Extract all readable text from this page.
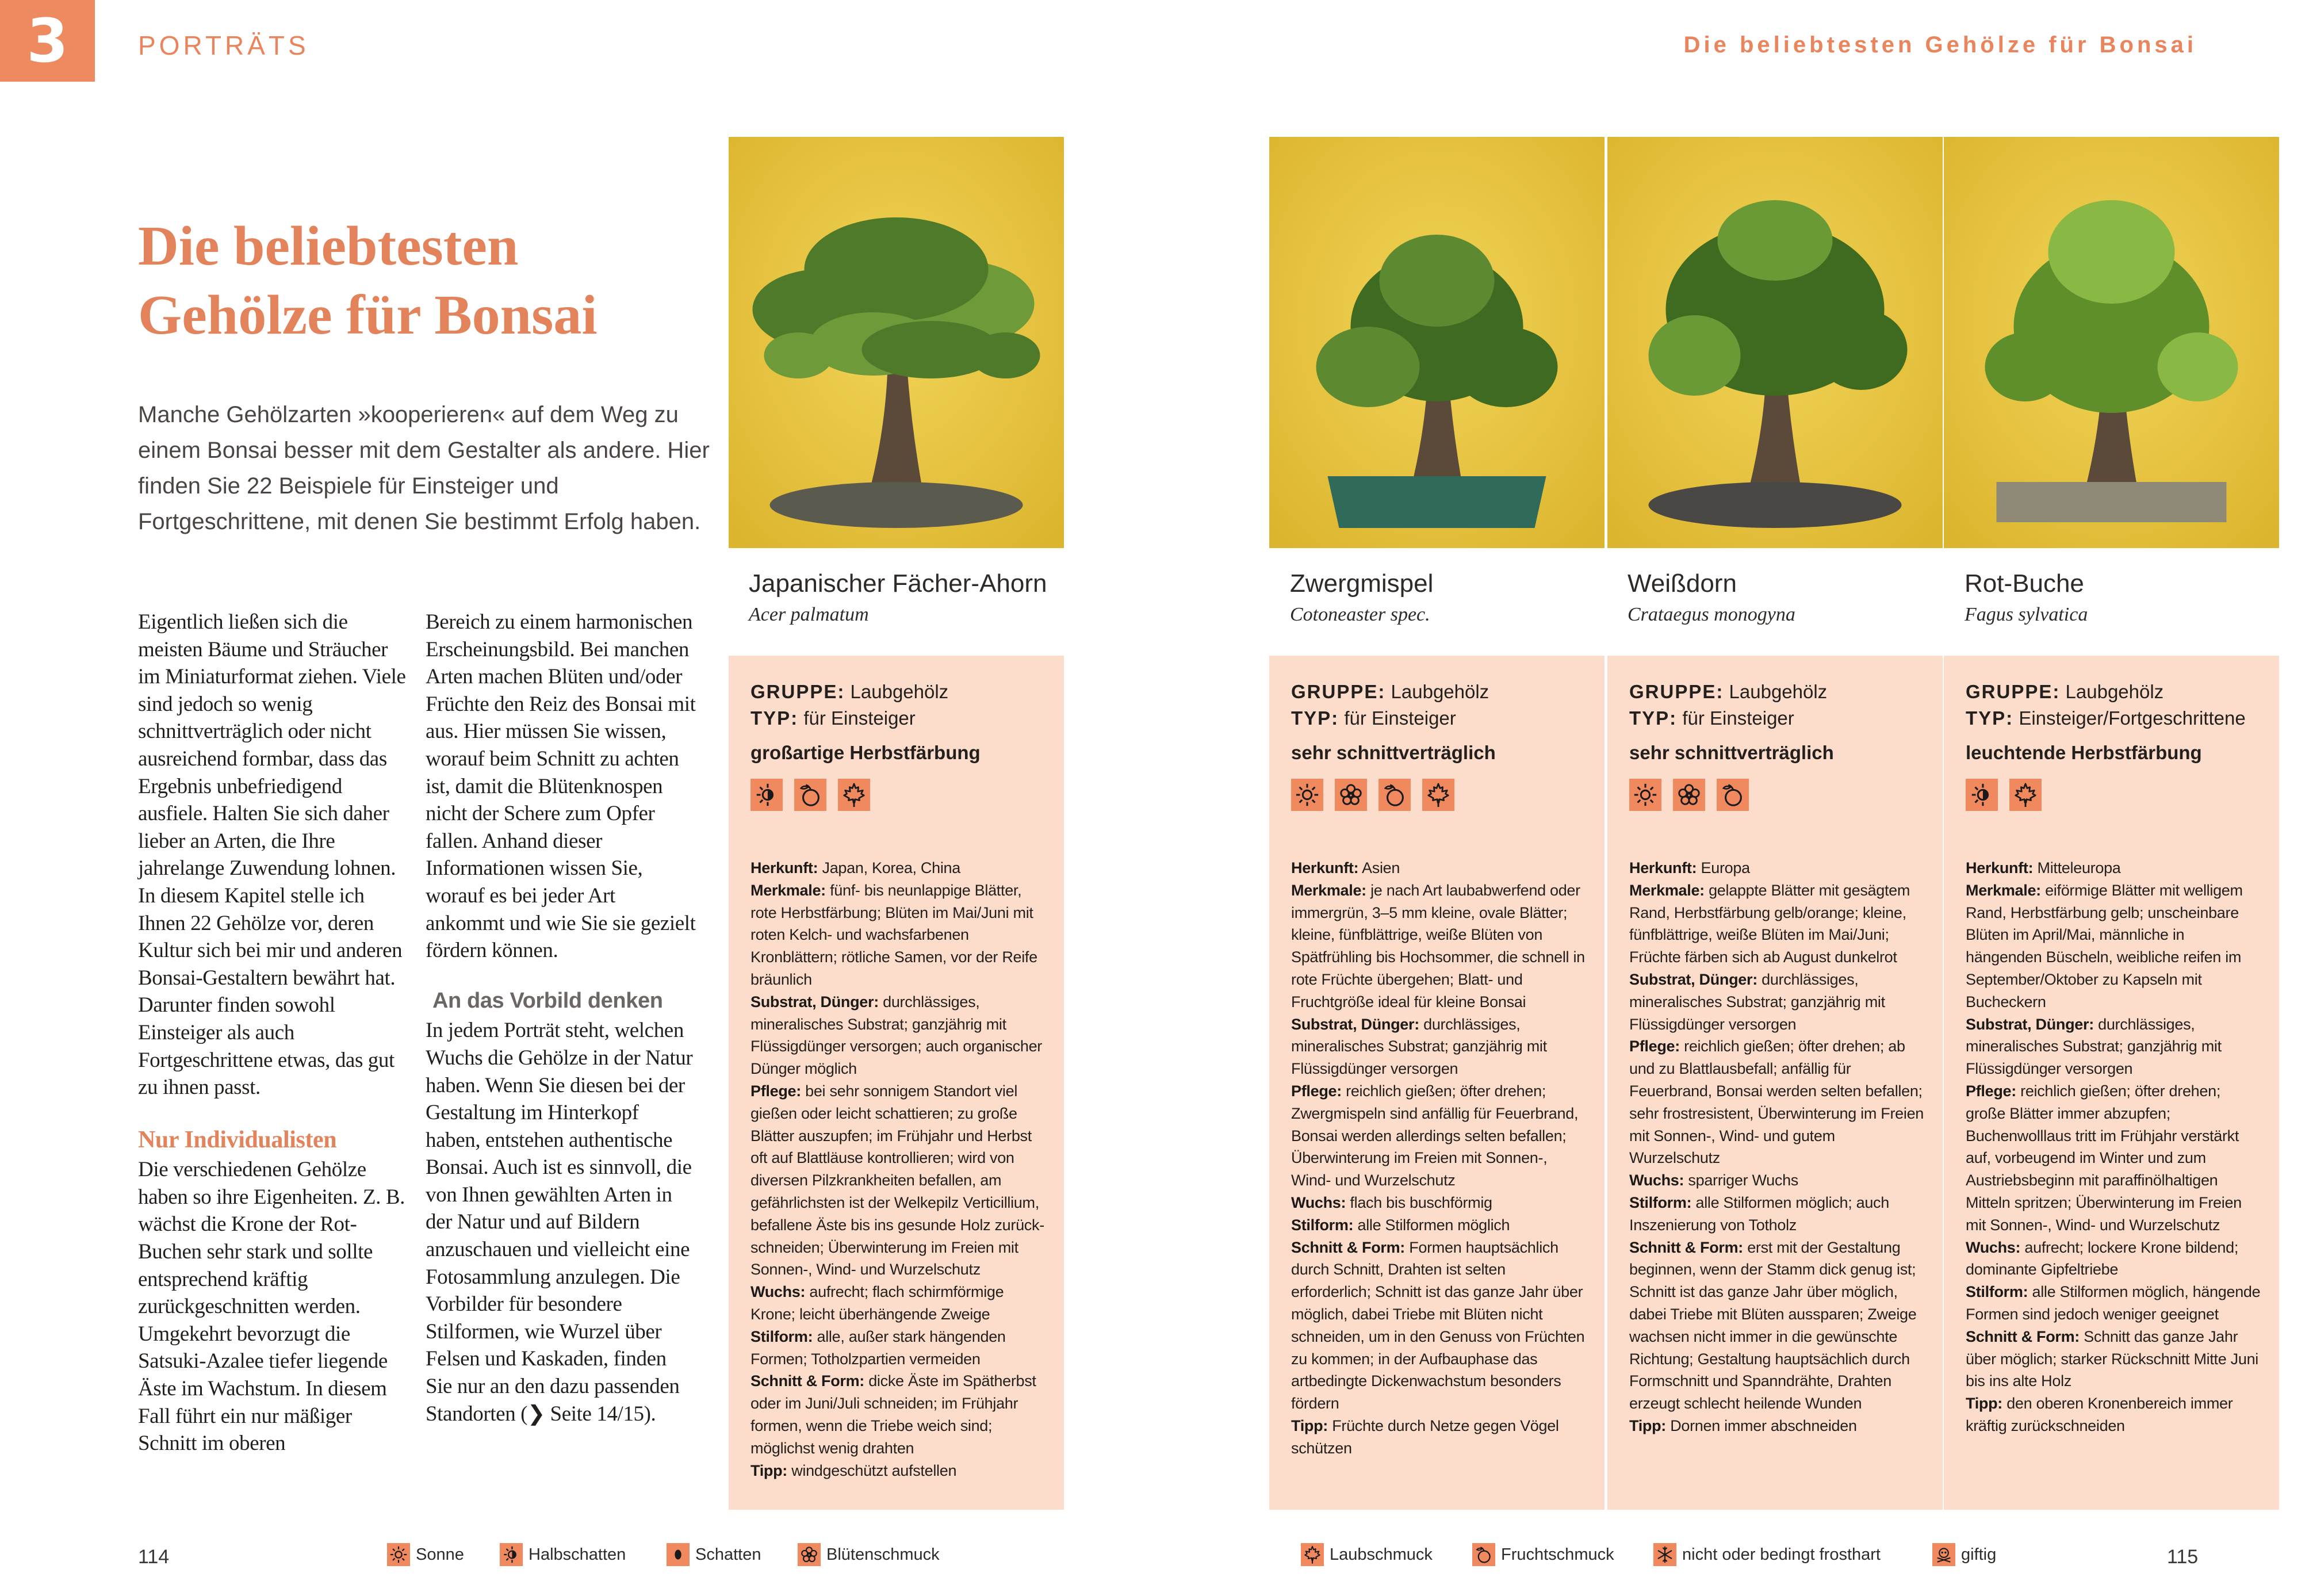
3	PORTRÄTS	Die beliebtesten Gehölze für Bonsai
Die beliebtesten
Gehölze für Bonsai
Manche Gehölzarten »kooperieren« auf dem Weg zu einem Bonsai besser mit dem Gestalter als andere. Hier finden Sie 22 Beispiele für Einsteiger und Fortgeschrittene, mit denen Sie bestimmt Erfolg haben.

Eigentlich ließen sich die meisten Bäume und Sträucher im Miniaturformat ziehen. Viele sind jedoch so wenig schnittverträglich oder nicht ausreichend formbar, dass das Ergebnis unbefriedigend ausfiele. Halten Sie sich daher lieber an Arten, die Ihre jahrelange Zuwendung lohnen. In diesem Kapitel stelle ich Ihnen 22 Gehölze vor, deren Kultur sich bei mir und anderen Bonsai-Gestaltern bewährt hat. Darunter finden sowohl Einsteiger als auch Fortgeschrittene etwas, das gut zu ihnen passt.

Nur Individualisten

Die verschiedenen Gehölze haben so ihre Eigenheiten. Z. B. wächst die Krone der Rot-Buchen sehr stark und sollte entsprechend kräftig zurückgeschnitten werden. Umgekehrt bevorzugt die Satsuki-Azalee tiefer liegende Äste im Wachstum. In diesem Fall führt ein nur mäßiger Schnitt im oberen

Bereich zu einem harmonischen Erscheinungsbild. Bei manchen Arten machen Blüten und/oder Früchte den Reiz des Bonsai mit aus. Hier müssen Sie wissen, worauf beim Schnitt zu achten ist, damit die Blütenknospen nicht der Schere zum Opfer fallen. Anhand dieser Informationen wissen Sie, worauf es bei jeder Art ankommt und wie Sie sie gezielt fördern können.

An das Vorbild denken

In jedem Porträt steht, welchen Wuchs die Gehölze in der Natur haben. Wenn Sie diesen bei der Gestaltung im Hinterkopf haben, entstehen authentische Bonsai. Auch ist es sinnvoll, die von Ihnen gewählten Arten in der Natur und auf Bildern anzuschauen und vielleicht eine Fotosammlung anzulegen. Die Vorbilder für besondere Stilformen, wie Wurzel über Felsen und Kaskaden, finden Sie nur an den dazu passenden Standorten (❯ Seite 14/15).

Japanischer Fächer-Ahorn
Acer palmatum
GRUPPE: Laubgehölz
TYP: für Einsteiger
großartige Herbstfärbung

Herkunft: Japan, Korea, China

Merkmale: fünf- bis neunlappige Blätter, rote Herbstfärbung; Blüten im Mai/Juni mit roten Kelch- und wachsfarbenen Kronblättern; rötliche Samen, vor der Reife bräunlich

Substrat, Dünger: durchlässiges, mineralisches Substrat; ganzjährig mit Flüssigdünger versorgen; auch organischer Dünger möglich

Pflege: bei sehr sonnigem Standort viel gießen oder leicht schattieren; zu große Blätter auszupfen; im Frühjahr und Herbst oft auf Blattläuse kontrollieren; wird von diversen Pilzkrankheiten befallen, am gefährlichsten ist der Welkepilz Verticillium, befallene Äste bis ins gesunde Holz zurückschneiden; Überwinterung im Freien mit Sonnen-, Wind- und Wurzelschutz

Wuchs: aufrecht; flach schirmförmige Krone; leicht überhängende Zweige

Stilform: alle, außer stark hängenden Formen; Totholzpartien vermeiden

Schnitt & Form: dicke Äste im Spätherbst oder im Juni/Juli schneiden; im Frühjahr formen, wenn die Triebe weich sind; möglichst wenig drahten

Tipp: windgeschützt aufstellen

Zwergmispel
Cotoneaster spec.
GRUPPE: Laubgehölz
TYP: für Einsteiger
sehr schnittverträglich

Herkunft: Asien

Merkmale: je nach Art laubabwerfend oder immergrün, 3–5 mm kleine, ovale Blätter; kleine, fünfblättrige, weiße Blüten von Spätfrühling bis Hochsommer, die schnell in rote Früchte übergehen; Blatt- und Fruchtgröße ideal für kleine Bonsai

Substrat, Dünger: durchlässiges, mineralisches Substrat; ganzjährig mit Flüssigdünger versorgen

Pflege: reichlich gießen; öfter drehen; Zwergmispeln sind anfällig für Feuerbrand, Bonsai werden allerdings selten befallen; Überwinterung im Freien mit Sonnen-, Wind- und Wurzelschutz

Wuchs: flach bis buschförmig

Stilform: alle Stilformen möglich

Schnitt & Form: Formen hauptsächlich durch Schnitt, Drahten ist selten erforderlich; Schnitt ist das ganze Jahr über möglich, dabei Triebe mit Blüten nicht schneiden, um in den Genuss von Früchten zu kommen; in der Aufbauphase das artbedingte Dickenwachstum besonders fördern

Tipp: Früchte durch Netze gegen Vögel schützen

Weißdorn
Crataegus monogyna
GRUPPE: Laubgehölz
TYP: für Einsteiger
sehr schnittverträglich

Herkunft: Europa

Merkmale: gelappte Blätter mit gesägtem Rand, Herbstfärbung gelb/orange; kleine, fünfblättrige, weiße Blüten im Mai/Juni; Früchte färben sich ab August dunkelrot

Substrat, Dünger: durchlässiges, mineralisches Substrat; ganzjährig mit Flüssigdünger versorgen

Pflege: reichlich gießen; öfter drehen; ab und zu Blattlausbefall; anfällig für Feuerbrand, Bonsai werden selten befallen; sehr frostresistent, Überwinterung im Freien mit Sonnen-, Wind- und gutem Wurzelschutz

Wuchs: sparriger Wuchs

Stilform: alle Stilformen möglich; auch Inszenierung von Totholz

Schnitt & Form: erst mit der Gestaltung beginnen, wenn der Stamm dick genug ist; Schnitt ist das ganze Jahr über möglich, dabei Triebe mit Blüten aussparen; Zweige wachsen nicht immer in die gewünschte Richtung; Gestaltung hauptsächlich durch Formschnitt und Spanndrähte, Drahten erzeugt schlecht heilende Wunden

Tipp: Dornen immer abschneiden

Rot-Buche
Fagus sylvatica
GRUPPE: Laubgehölz
TYP: Einsteiger/Fortgeschrittene
leuchtende Herbstfärbung

Herkunft: Mitteleuropa

Merkmale: eiförmige Blätter mit welligem Rand, Herbstfärbung gelb; unscheinbare Blüten im April/Mai, männliche in hängenden Büscheln, weibliche reifen im September/Oktober zu Kapseln mit Bucheckern

Substrat, Dünger: durchlässiges, mineralisches Substrat; ganzjährig mit Flüssigdünger versorgen

Pflege: reichlich gießen; öfter drehen; große Blätter immer abzupfen; Buchenwolllaus tritt im Frühjahr verstärkt auf, vorbeugend im Winter und zum Austriebsbeginn mit paraffinölhaltigen Mitteln spritzen; Überwinterung im Freien mit Sonnen-, Wind- und Wurzelschutz

Wuchs: aufrecht; lockere Krone bildend; dominante Gipfeltriebe

Stilform: alle Stilformen möglich, hängende Formen sind jedoch weniger geeignet

Schnitt & Form: Schnitt das ganze Jahr über möglich; starker Rückschnitt Mitte Juni bis ins alte Holz

Tipp: den oberen Kronenbereich immer kräftig zurückschneiden

114	115
Sonne	Halbschatten	Schatten	Blütenschmuck	Laubschmuck	Fruchtschmuck	nicht oder bedingt frosthart	giftig
